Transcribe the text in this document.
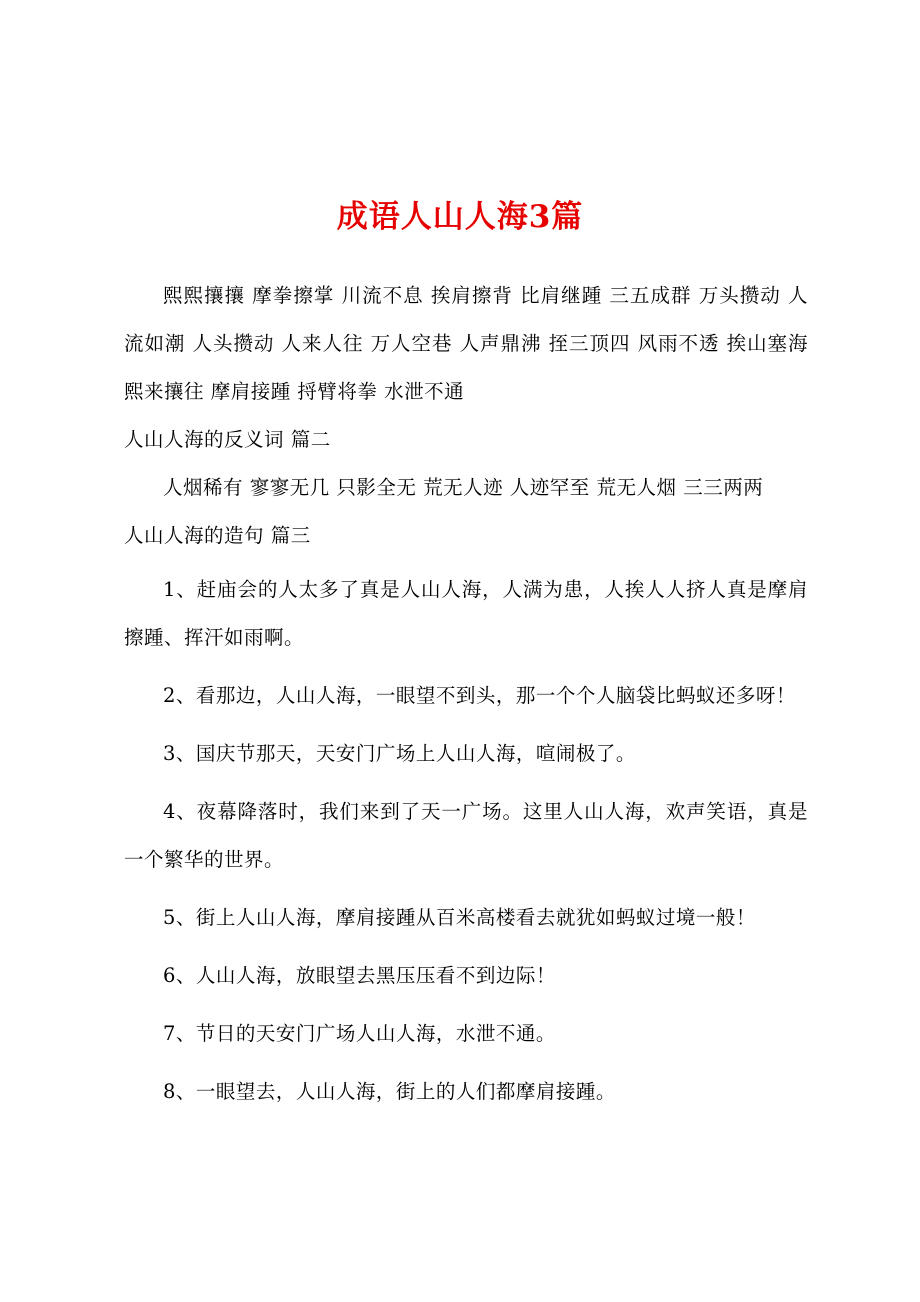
成语人山人海3篇

熙熙攘攘 摩拳擦掌 川流不息 挨肩擦背 比肩继踵 三五成群 万头攒动 人流如潮 人头攒动 人来人往 万人空巷 人声鼎沸 挃三顶四 风雨不透 挨山塞海 熙来攘往 摩肩接踵 捋臂将拳 水泄不通

人山人海的反义词 篇二

人烟稀有 寥寥无几 只影全无 荒无人迹 人迹罕至 荒无人烟 三三两两

人山人海的造句 篇三

1、赶庙会的人太多了真是人山人海，人满为患，人挨人人挤人真是摩肩擦踵、挥汗如雨啊。

2、看那边，人山人海，一眼望不到头，那一个个人脑袋比蚂蚁还多呀！

3、国庆节那天，天安门广场上人山人海，喧闹极了。

4、夜幕降落时，我们来到了天一广场。这里人山人海，欢声笑语，真是一个繁华的世界。

5、街上人山人海，摩肩接踵从百米高楼看去就犹如蚂蚁过境一般！

6、人山人海，放眼望去黑压压看不到边际！

7、节日的天安门广场人山人海，水泄不通。

8、一眼望去，人山人海，街上的人们都摩肩接踵。
